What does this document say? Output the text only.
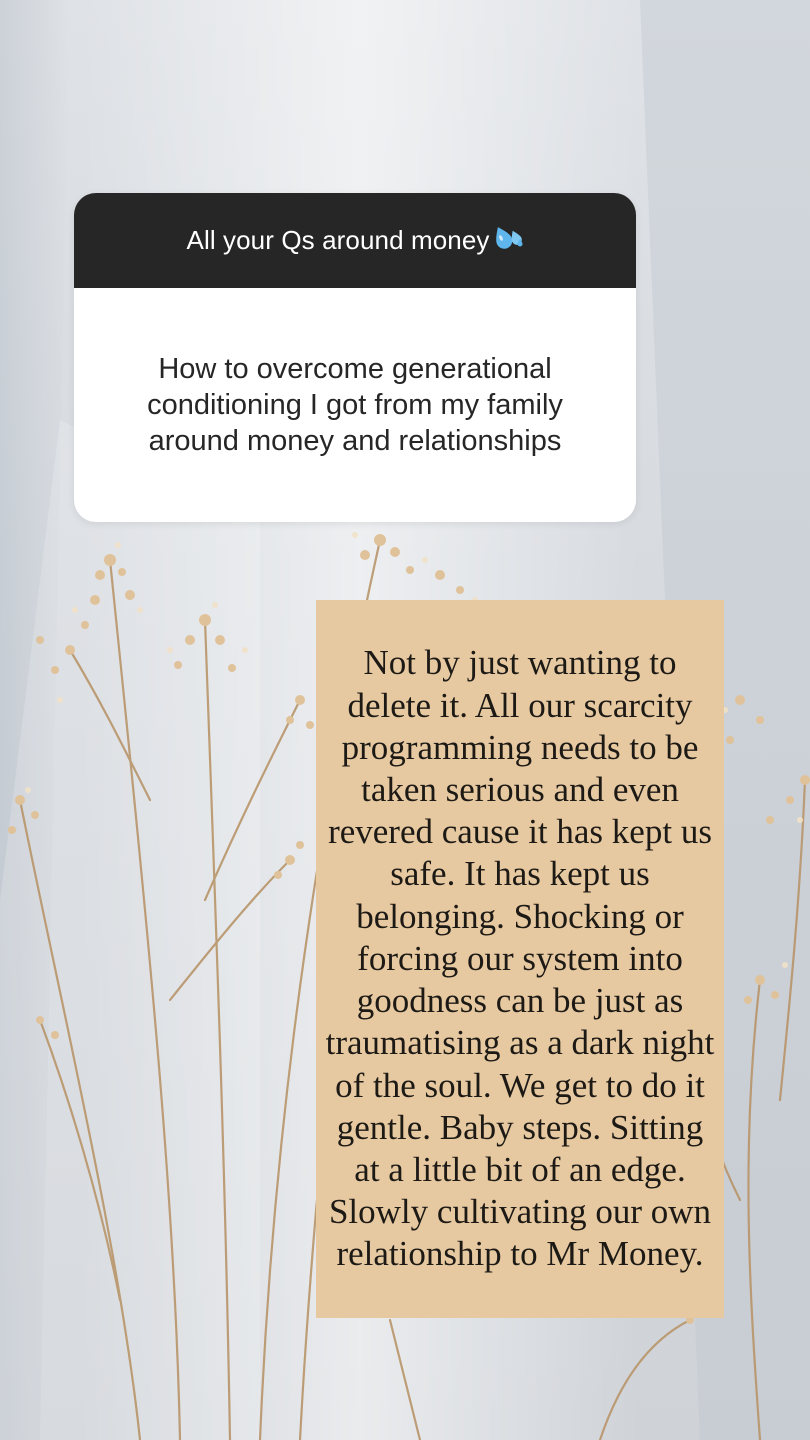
All your Qs around money
How to overcome generational conditioning I got from my family around money and relationships

Not by just wanting to delete it. All our scarcity programming needs to be taken serious and even revered cause it has kept us safe. It has kept us belonging. Shocking or forcing our system into goodness can be just as traumatising as a dark night of the soul. We get to do it gentle. Baby steps. Sitting at a little bit of an edge. Slowly cultivating our own relationship to Mr Money.
